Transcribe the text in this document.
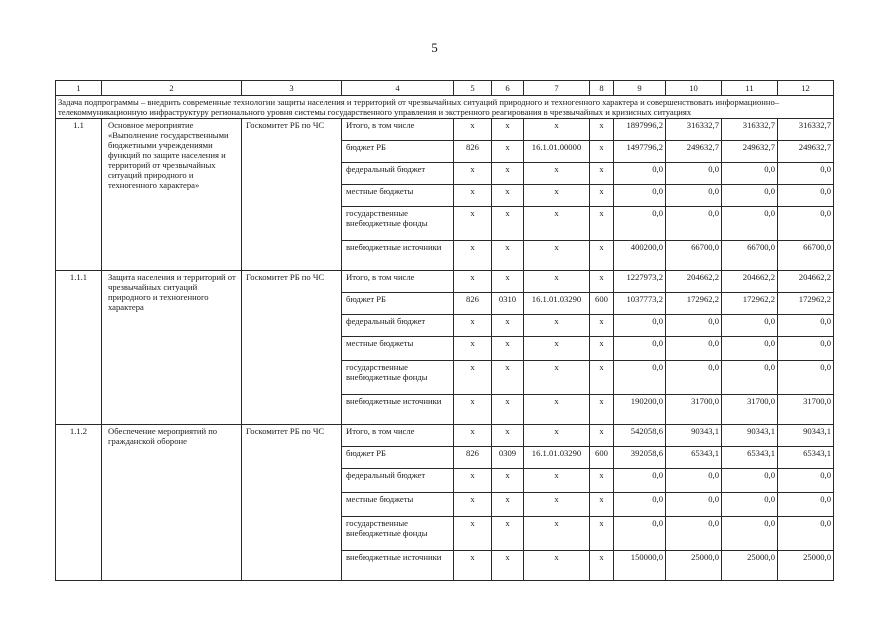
5
1	2	3	4	5	6	7	8	9	10	11	12
Задача подпрограммы – внедрить современные технологии защиты населения и территорий от чрезвычайных ситуаций природного и техногенного характера и совершенствовать информационно–телекоммуникационную инфраструктуру регионального уровня системы государственного управления и экстренного реагирования в чрезвычайных и кризисных ситуациях											
1.1	Основное мероприятие «Выполнение государственными бюджетными учреждениями функций по защите населения и территорий от чрезвычайных ситуаций природного и техногенного характера»	Госкомитет РБ по ЧС	Итого, в том числе	x	x	x	x	1897996,2	316332,7	316332,7	316332,7
			бюджет РБ	826	x	16.1.01.00000	x	1497796,2	249632,7	249632,7	249632,7
			федеральный бюджет	x	x	x	x	0,0	0,0	0,0	0,0
			местные бюджеты	x	x	x	x	0,0	0,0	0,0	0,0
			государственные внебюджетные фонды	x	x	x	x	0,0	0,0	0,0	0,0
			внебюджетные источники	x	x	x	x	400200,0	66700,0	66700,0	66700,0
1.1.1	Защита населения и территорий от чрезвычайных ситуаций природного и техногенного характера	Госкомитет РБ по ЧС	Итого, в том числе	x	x	x	x	1227973,2	204662,2	204662,2	204662,2
			бюджет РБ	826	0310	16.1.01.03290	600	1037773,2	172962,2	172962,2	172962,2
			федеральный бюджет	x	x	x	x	0,0	0,0	0,0	0,0
			местные бюджеты	x	x	x	x	0,0	0,0	0,0	0,0
			государственные внебюджетные фонды	x	x	x	x	0,0	0,0	0,0	0,0
			внебюджетные источники	x	x	x	x	190200,0	31700,0	31700,0	31700,0
1.1.2	Обеспечение мероприятий по гражданской обороне	Госкомитет РБ по ЧС	Итого, в том числе	x	x	x	x	542058,6	90343,1	90343,1	90343,1
			бюджет РБ	826	0309	16.1.01.03290	600	392058,6	65343,1	65343,1	65343,1
			федеральный бюджет	x	x	x	x	0,0	0,0	0,0	0,0
			местные бюджеты	x	x	x	x	0,0	0,0	0,0	0,0
			государственные внебюджетные фонды	x	x	x	x	0,0	0,0	0,0	0,0
			внебюджетные источники	x	x	x	x	150000,0	25000,0	25000,0	25000,0
